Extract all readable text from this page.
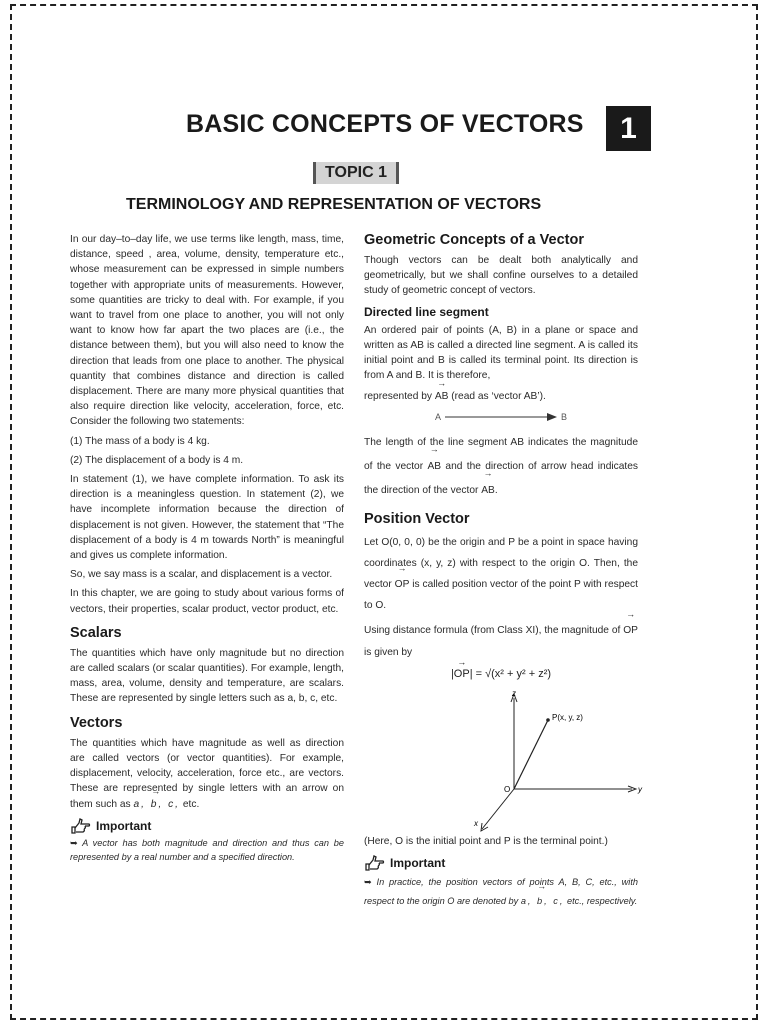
BASIC CONCEPTS OF VECTORS	1
TOPIC 1
TERMINOLOGY AND REPRESENTATION OF VECTORS

In our day–to–day life, we use terms like length, mass, time, distance, speed , area, volume, density, temperature etc., whose measurement can be expressed in simple numbers together with appropriate units of measurements. However, some quantities are tricky to deal with. For example, if you want to travel from one place to another, you will not only want to know how far apart the two places are (i.e., the distance between them), but you will also need to know the direction that leads from one place to another. The physical quantity that combines distance and direction is called displacement. There are many more physical quantities that also require direction like velocity, acceleration, force, etc. Consider the following two statements:

(1) The mass of a body is 4 kg.

(2) The displacement of a body is 4 m.

In statement (1), we have complete information. To ask its direction is a meaningless question. In statement (2), we have incomplete information because the direction of displacement is not given. However, the statement that “The displacement of a body is 4 m towards North” is meaningful and gives us complete information.

So, we say mass is a scalar, and displacement is a vector.

In this chapter, we are going to study about various forms of vectors, their properties, scalar product, vector product, etc.

Scalars

The quantities which have only magnitude but no direction are called scalars (or scalar quantities). For example, length, mass, area, volume, density and temperature, are scalars. These are represented by single letters such as a, b, c, etc.

Vectors

The quantities which have magnitude as well as direction are called vectors (or vector quantities). For example, displacement, velocity, acceleration, force etc., are vectors. These are represented by single letters with an arrow on them such as → a, b, c, etc.

Important

➥ A vector has both magnitude and direction and thus can be represented by a real number and a specified direction.

Geometric Concepts of a Vector

Though vectors can be dealt both analytically and geometrically, but we shall confine ourselves to a detailed study of geometric concept of vectors.

Directed line segment

An ordered pair of points (A, B) in a plane or space and written as AB is called a directed line segment. A is called its initial point and B is called its terminal point. Its direction is from A and B. It is therefore,

represented by → AB (read as ‘vector AB’).

A	B

The length of the line segment AB indicates the magnitude of the vector → AB and the direction of arrow head indicates the direction of the vector → AB.

Position Vector

Let O(0, 0, 0) be the origin and P be a point in space having coordinates (x, y, z) with respect to the origin O. Then, the vector → OP is called position vector of the point P with respect to O.

Using distance formula (from Class XI), the magnitude of → OP is given by

→ |OP| = √(x² + y² + z²)
z
y
x
O
P(x, y, z)

(Here, O is the initial point and P is the terminal point.)

Important

➥ In practice, the position vectors of points A, B, C, etc., with respect to the origin O are denoted by → a, b, c, etc., respectively.
